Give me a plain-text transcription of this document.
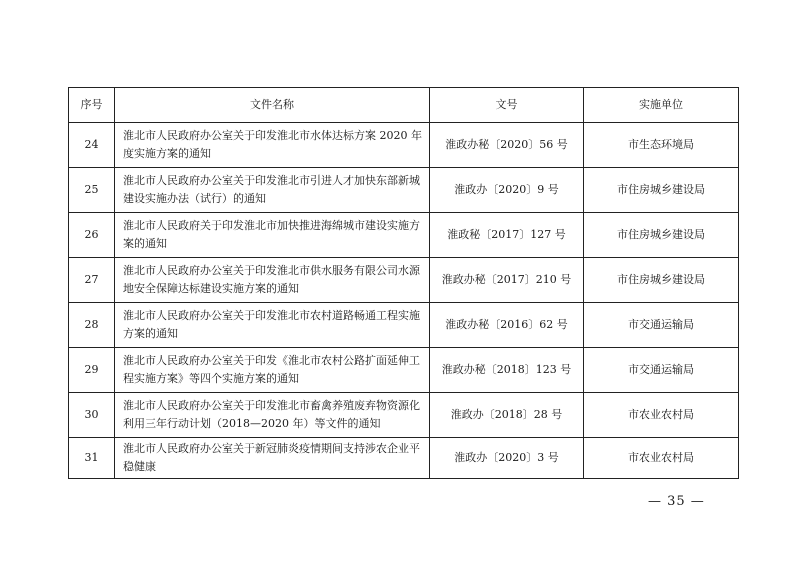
序号	文件名称	文号	实施单位
24	淮北市人民政府办公室关于印发淮北市水体达标方案 2020 年度实施方案的通知	淮政办秘〔2020〕56 号	市生态环境局
25	淮北市人民政府办公室关于印发淮北市引进人才加快东部新城建设实施办法（试行）的通知	淮政办〔2020〕9 号	市住房城乡建设局
26	淮北市人民政府关于印发淮北市加快推进海绵城市建设实施方案的通知	淮政秘〔2017〕127 号	市住房城乡建设局
27	淮北市人民政府办公室关于印发淮北市供水服务有限公司水源地安全保障达标建设实施方案的通知	淮政办秘〔2017〕210 号	市住房城乡建设局
28	淮北市人民政府办公室关于印发淮北市农村道路畅通工程实施方案的通知	淮政办秘〔2016〕62 号	市交通运输局
29	淮北市人民政府办公室关于印发《淮北市农村公路扩面延伸工程实施方案》等四个实施方案的通知	淮政办秘〔2018〕123 号	市交通运输局
30	淮北市人民政府办公室关于印发淮北市畜禽养殖废弃物资源化利用三年行动计划（2018—2020 年）等文件的通知	淮政办〔2018〕28 号	市农业农村局
31	淮北市人民政府办公室关于新冠肺炎疫情期间支持涉农企业平稳健康	淮政办〔2020〕3 号	市农业农村局
— 35 —
